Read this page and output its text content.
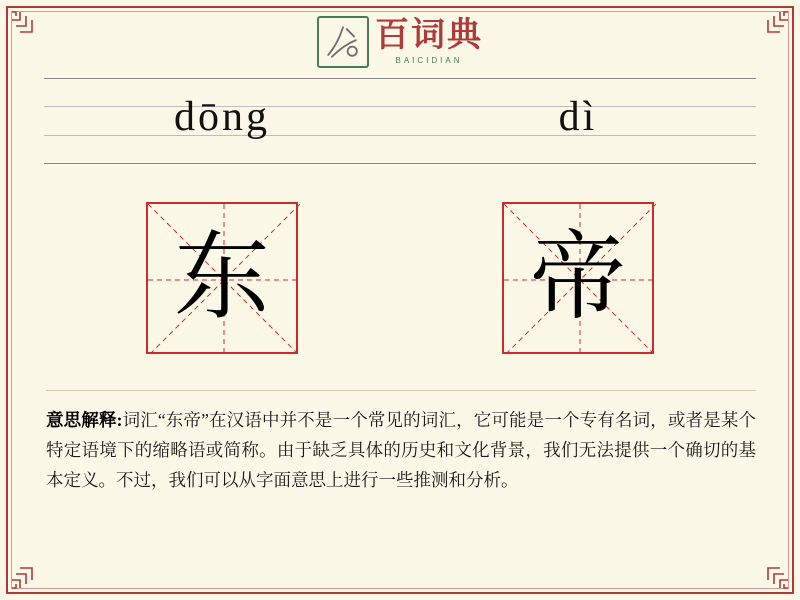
百词典
BAICIDIAN
dōng	dì
东	帝
意思解释:词汇“东帝”在汉语中并不是一个常见的词汇，它可能是一个专有名词，或者是某个特定语境下的缩略语或简称。由于缺乏具体的历史和文化背景，我们无法提供一个确切的基本定义。不过，我们可以从字面意思上进行一些推测和分析。
